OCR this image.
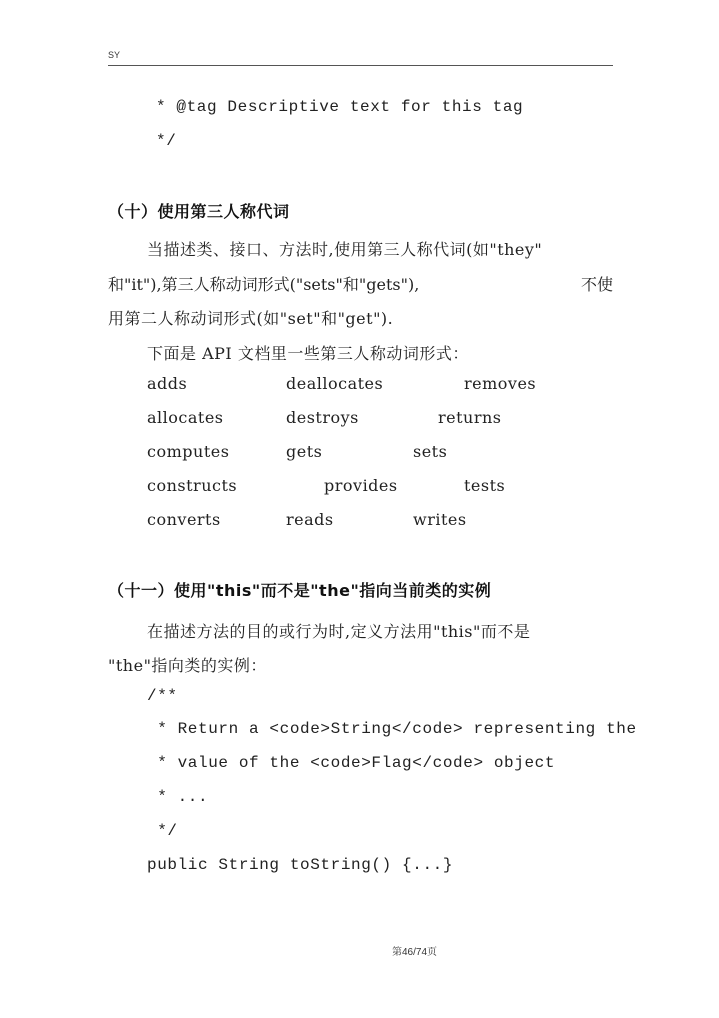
SY
* @tag Descriptive text for this tag
*/
（十）使用第三人称代词
当描述类、接口、方法时,使用第三人称代词(如"they"
和"it"),第三人称动词形式("sets"和"gets"),	不使
用第二人称动词形式(如"set"和"get").
下面是 API 文档里一些第三人称动词形式：
adds	deallocates	removes
allocates	destroys	returns
computes	gets	sets
constructs	provides	tests
converts	reads	writes
（十一）使用"this"而不是"the"指向当前类的实例
在描述方法的目的或行为时,定义方法用"this"而不是
"the"指向类的实例：
/**
* Return a <code>String</code> representing the
* value of the <code>Flag</code> object
* ...
*/
public String toString() {...}
第46/74页
